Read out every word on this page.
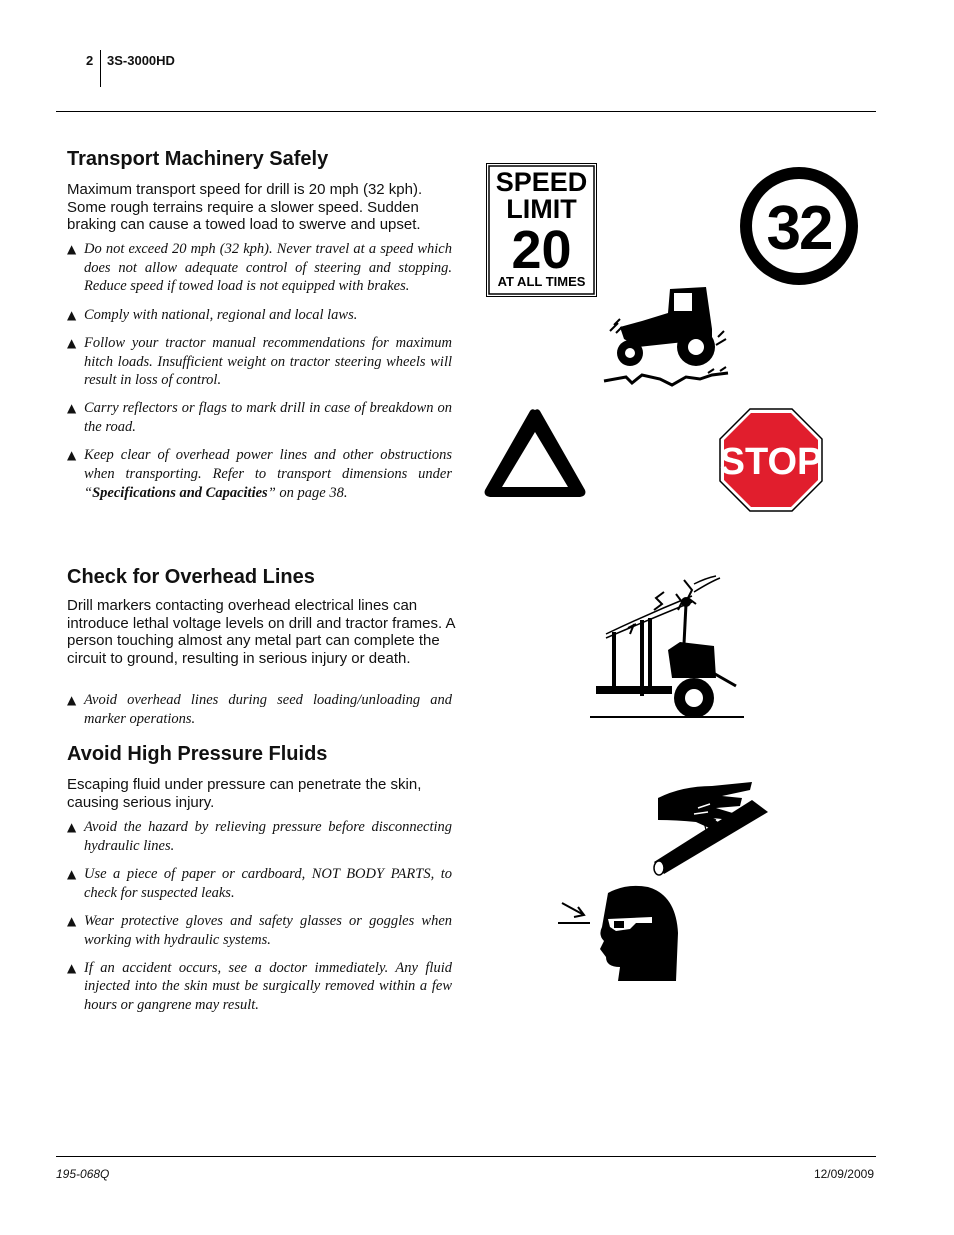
2 3S-3000HD
Transport Machinery Safely

Maximum transport speed for drill is 20 mph (32 kph). Some rough terrains require a slower speed. Sudden braking can cause a towed load to swerve and upset.

▲ Do not exceed 20 mph (32 kph). Never travel at a speed which does not allow adequate control of steering and stopping. Reduce speed if towed load is not equipped with brakes.
▲ Comply with national, regional and local laws.
▲ Follow your tractor manual recommendations for maximum hitch loads. Insufficient weight on tractor steering wheels will result in loss of control.
▲ Carry reflectors or flags to mark drill in case of breakdown on the road.
▲ Keep clear of overhead power lines and other obstructions when transporting. Refer to transport dimensions under “Specifications and Capacities” on page 38.
Check for Overhead Lines

Drill markers contacting overhead electrical lines can introduce lethal voltage levels on drill and tractor frames. A person touching almost any metal part can complete the circuit to ground, resulting in serious injury or death.

▲ Avoid overhead lines during seed loading/unloading and marker operations.
Avoid High Pressure Fluids

Escaping fluid under pressure can penetrate the skin, causing serious injury.

▲ Avoid the hazard by relieving pressure before disconnecting hydraulic lines.
▲ Use a piece of paper or cardboard, NOT BODY PARTS, to check for suspected leaks.
▲ Wear protective gloves and safety glasses or goggles when working with hydraulic systems.
▲ If an accident occurs, see a doctor immediately. Any fluid injected into the skin must be surgically removed within a few hours or gangrene may result.
SPEED
LIMIT
20
AT ALL TIMES
32
STOP
195-068Q	12/09/2009
